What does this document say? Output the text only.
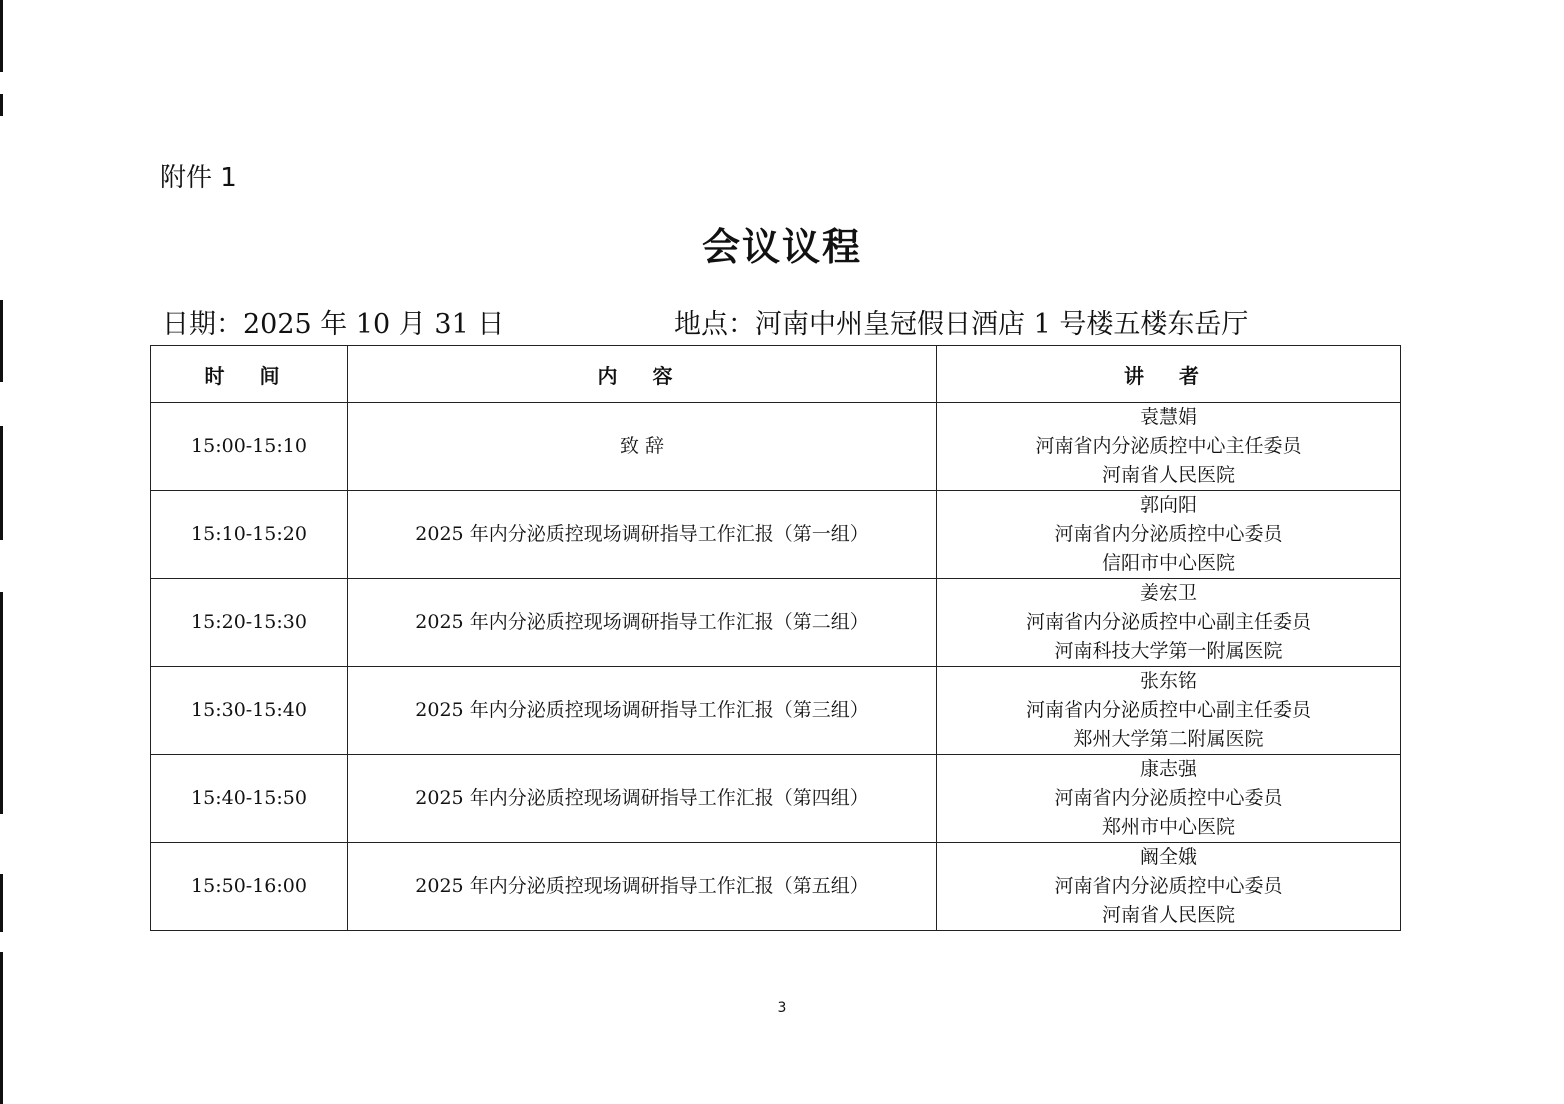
附件 1
会议议程
日期：2025 年 10 月 31 日	地点：河南中州皇冠假日酒店 1 号楼五楼东岳厅
时 间	内 容	讲 者
15:00-15:10	致 辞	袁慧娟
河南省内分泌质控中心主任委员
河南省人民医院

15:10-15:20	2025 年内分泌质控现场调研指导工作汇报（第一组）	郭向阳
河南省内分泌质控中心委员
信阳市中心医院

15:20-15:30	2025 年内分泌质控现场调研指导工作汇报（第二组）	姜宏卫
河南省内分泌质控中心副主任委员
河南科技大学第一附属医院

15:30-15:40	2025 年内分泌质控现场调研指导工作汇报（第三组）	张东铭
河南省内分泌质控中心副主任委员
郑州大学第二附属医院

15:40-15:50	2025 年内分泌质控现场调研指导工作汇报（第四组）	康志强
河南省内分泌质控中心委员
郑州市中心医院

15:50-16:00	2025 年内分泌质控现场调研指导工作汇报（第五组）	阚全娥
河南省内分泌质控中心委员
河南省人民医院
3
